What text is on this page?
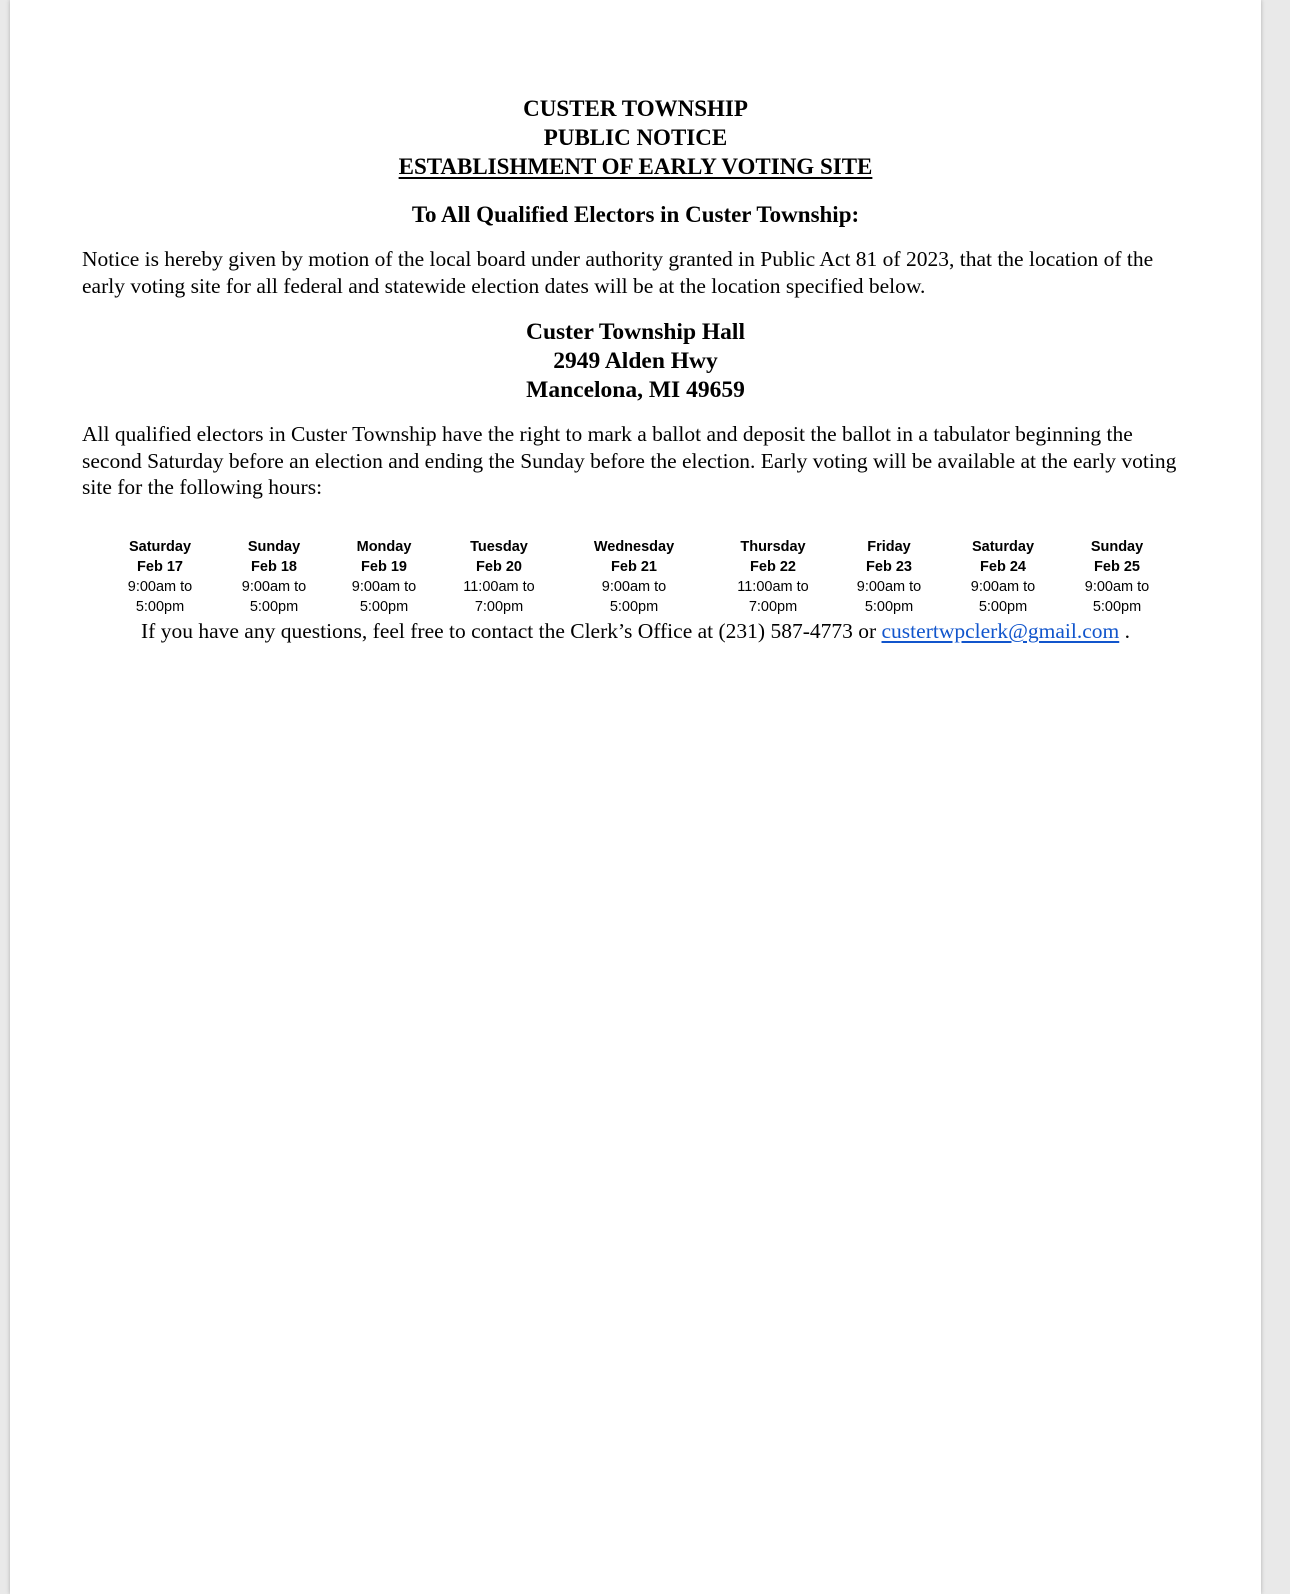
CUSTER TOWNSHIP
PUBLIC NOTICE
ESTABLISHMENT OF EARLY VOTING SITE
To All Qualified Electors in Custer Township:

Notice is hereby given by motion of the local board under authority granted in Public Act 81 of 2023, that the location of the early voting site for all federal and statewide election dates will be at the location specified below.

Custer Township Hall
2949 Alden Hwy
Mancelona, MI 49659

All qualified electors in Custer Township have the right to mark a ballot and deposit the ballot in a tabulator beginning the second Saturday before an election and ending the Sunday before the election. Early voting will be available at the early voting site for the following hours:

Saturday
Feb 17
9:00am to
5:00pm
Sunday
Feb 18
9:00am to
5:00pm
Monday
Feb 19
9:00am to
5:00pm
Tuesday
Feb 20
11:00am to
7:00pm
Wednesday
Feb 21
9:00am to
5:00pm
Thursday
Feb 22
11:00am to
7:00pm
Friday
Feb 23
9:00am to
5:00pm
Saturday
Feb 24
9:00am to
5:00pm
Sunday
Feb 25
9:00am to
5:00pm
If you have any questions, feel free to contact the Clerk’s Office at (231) 587-4773 or custertwpclerk@gmail.com .
